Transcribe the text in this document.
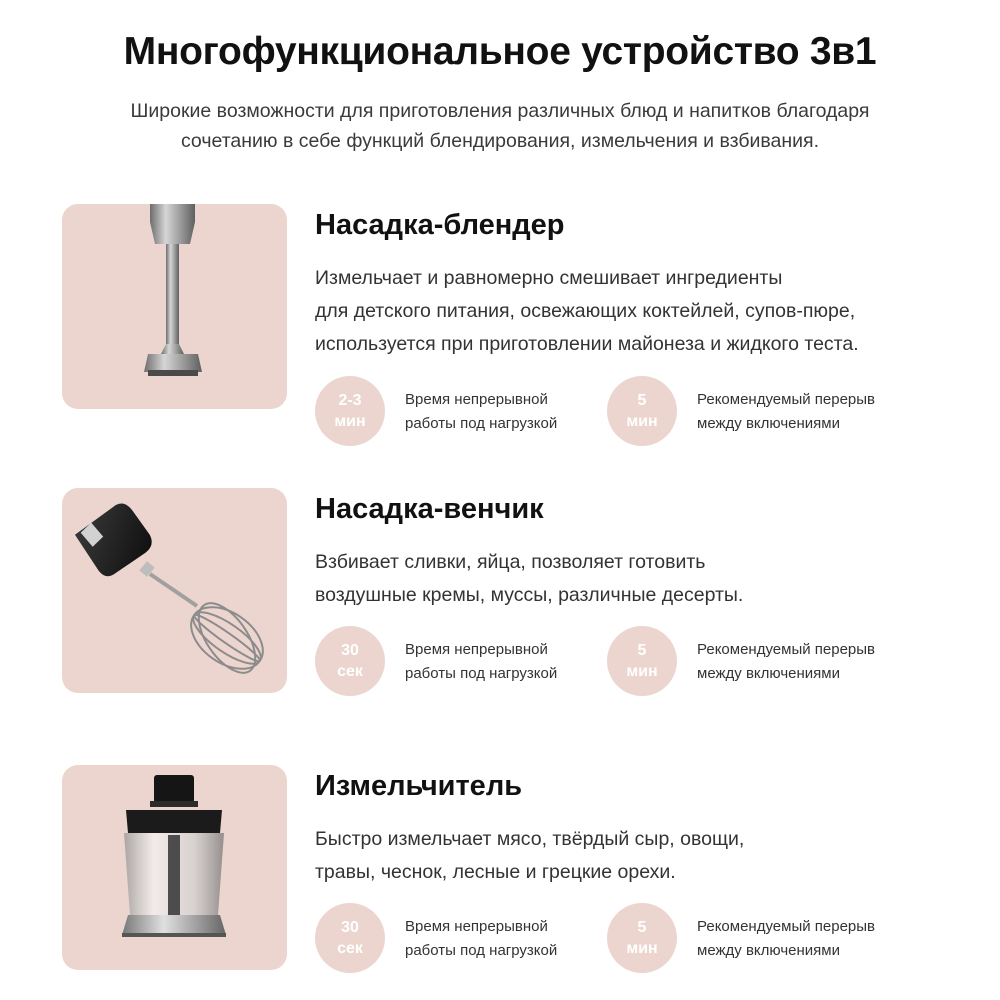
Многофункциональное устройство 3в1
Широкие возможности для приготовления различных блюд и напитков благодаря
сочетанию в себе функций блендирования, измельчения и взбивания.
Насадка-блендер
Измельчает и равномерно смешивает ингредиенты
для детского питания, освежающих коктейлей, супов-пюре,
используется при приготовлении майонеза и жидкого теста.
2-3
мин
Время непрерывной
работы под нагрузкой
5
мин
Рекомендуемый перерыв
между включениями
Насадка-венчик
Взбивает сливки, яйца, позволяет готовить
воздушные кремы, муссы, различные десерты.
30
сек
Время непрерывной
работы под нагрузкой
5
мин
Рекомендуемый перерыв
между включениями
Измельчитель
Быстро измельчает мясо, твёрдый сыр, овощи,
травы, чеснок, лесные и грецкие орехи.
30
сек
Время непрерывной
работы под нагрузкой
5
мин
Рекомендуемый перерыв
между включениями
